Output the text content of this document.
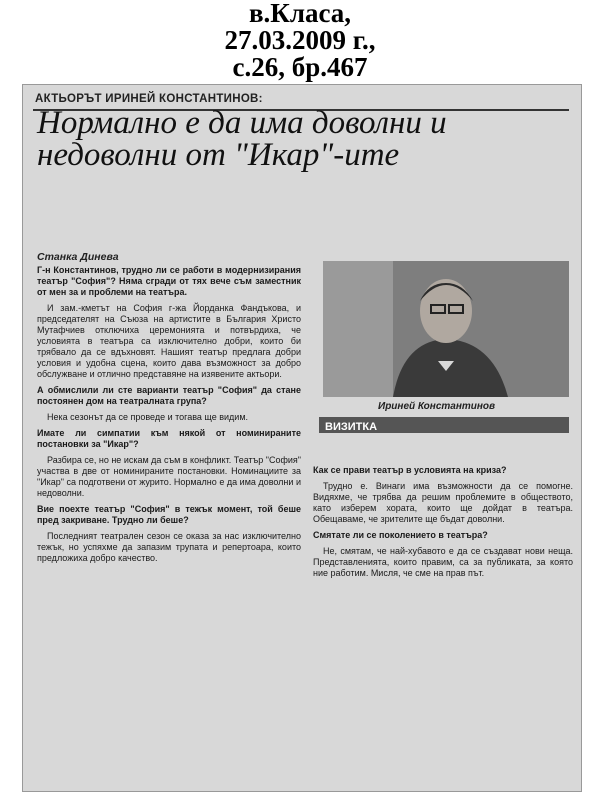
в.Класа,
27.03.2009 г.,
с.26, бр.467
АКТЬОРЪТ ИРИНЕЙ КОНСТАНТИНОВ:
Нормално е да има доволни и недоволни от "Икар"-ите
Станка Динева

Г-н Константинов, трудно ли се работи в модернизирания театър "София"? Няма сгради от тях вече съм заместник от мен за и проблеми на театъра.

И зам.-кметът на София г-жа Йорданка Фандъкова, и председателят на Съюза на артистите в България Христо Мутафчиев отключиха церемонията и потвърдиха, че условията в театъра са изключително добри, които би трябвало да се вдъхновят. Нашият театър предлага добри условия и удобна сцена, които дава възможност за добро обслужване и отлично представяне на изявените актьори.

А обмислили ли сте варианти театър "София" да стане постоянен дом на театралната група?

Нека сезонът да се проведе и тогава ще видим.

Имате ли симпатии към някой от номинираните постановки за "Икар"?

Разбира се, но не искам да съм в конфликт. Театър "София" участва в две от номинираните постановки. Номинациите за "Икар" са подготвени от журито. Нормално е да има доволни и недоволни.

Вие поехте театър "София" в тежък момент, той беше пред закриване. Трудно ли беше?

Последният театрален сезон се оказа за нас изключително тежък, но успяхме да запазим трупата и репертоара, които предложиха добро качество.

Ириней Константинов
ВИЗИТКА

Как се прави театър в условията на криза?

Трудно е. Винаги има възможности да се помогне. Видяхме, че трябва да решим проблемите в обществото, като изберем хората, които ще дойдат в театъра. Обещаваме, че зрителите ще бъдат доволни.

Смятате ли се поколението в театъра?

Не, смятам, че най-хубавото е да се създават нови неща. Представленията, които правим, са за публиката, за която ние работим. Мисля, че сме на прав път.
